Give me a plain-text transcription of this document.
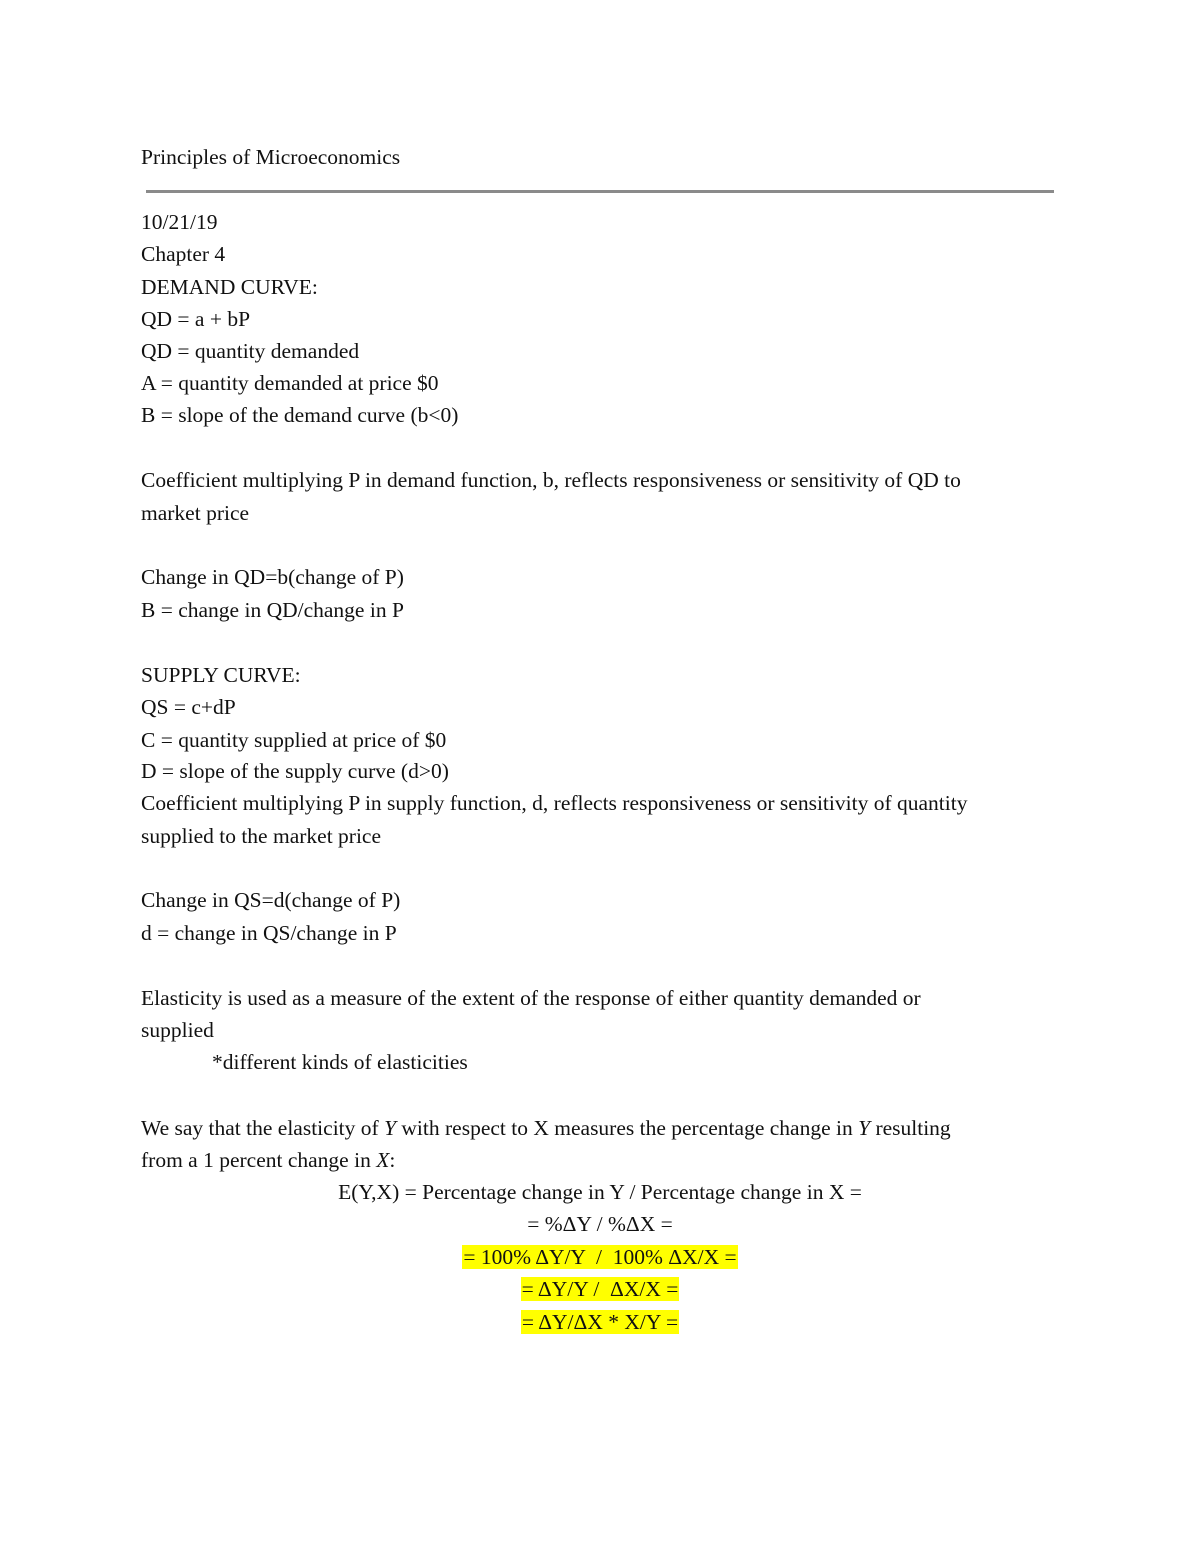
Principles of Microeconomics
10/21/19
Chapter 4
DEMAND CURVE:
QD = a + bP
QD = quantity demanded
A = quantity demanded at price $0
B = slope of the demand curve (b<0)
Coefficient multiplying P in demand function, b, reflects responsiveness or sensitivity of QD to
market price
Change in QD=b(change of P)
B = change in QD/change in P
SUPPLY CURVE:
QS = c+dP
C = quantity supplied at price of $0
D = slope of the supply curve (d>0)
Coefficient multiplying P in supply function, d, reflects responsiveness or sensitivity of quantity
supplied to the market price
Change in QS=d(change of P)
d = change in QS/change in P
Elasticity is used as a measure of the extent of the response of either quantity demanded or
supplied
*different kinds of elasticities
We say that the elasticity of Y with respect to X measures the percentage change in Y resulting
from a 1 percent change in X:
E(Y,X) = Percentage change in Y / Percentage change in X =
= %ΔY / %ΔX =
= 100% ΔY/Y  /  100% ΔX/X =
= ΔY/Y /  ΔX/X =
= ΔY/ΔX * X/Y =
